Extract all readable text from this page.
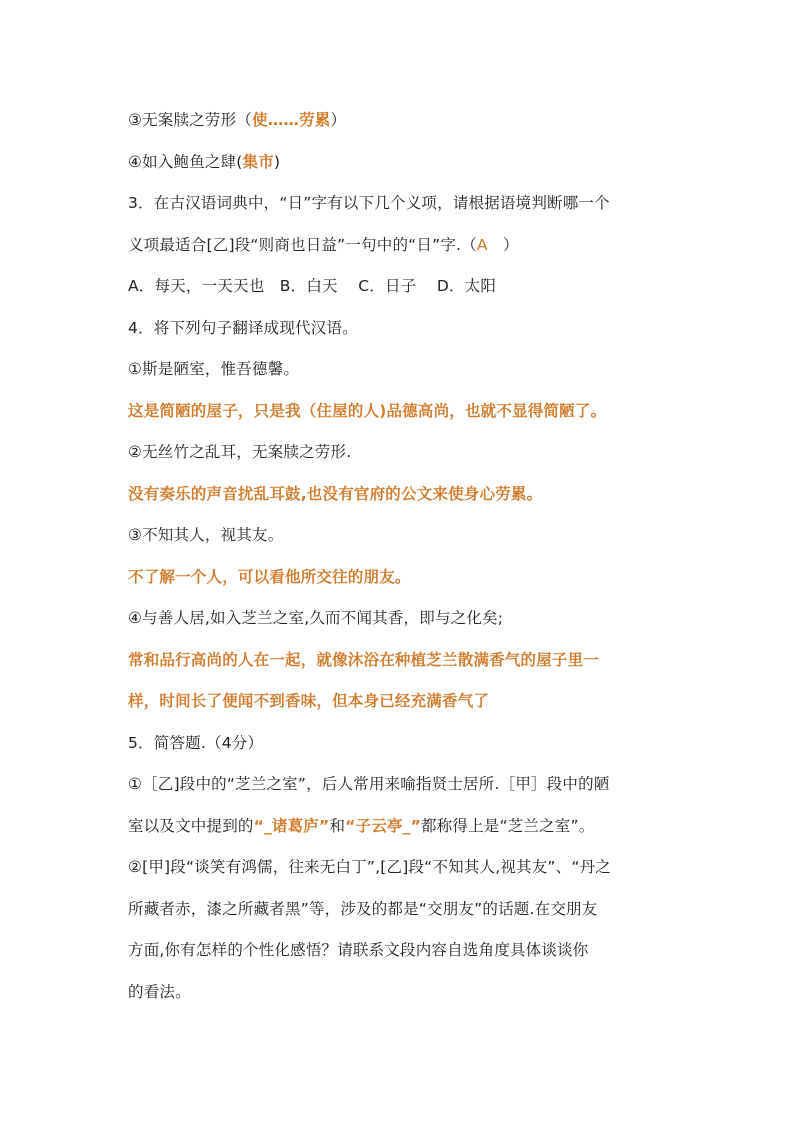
③无案牍之劳形（使……劳累）
④如入鲍鱼之肆(集市)
3．在古汉语词典中，“日”字有以下几个义项，请根据语境判断哪一个
义项最适合[乙]段“则商也日益”一句中的“日”字.（A   ）
A．每天，一天天也   B．白天    C．日子    D．太阳
4．将下列句子翻译成现代汉语。
①斯是陋室，惟吾德馨。
这是简陋的屋子，只是我（住屋的人)品德高尚，也就不显得简陋了。
②无丝竹之乱耳，无案牍之劳形.
没有奏乐的声音扰乱耳鼓,也没有官府的公文来使身心劳累。
③不知其人，视其友。
不了解一个人，可以看他所交往的朋友。
④与善人居,如入芝兰之室,久而不闻其香，即与之化矣;
常和品行高尚的人在一起，就像沐浴在种植芝兰散满香气的屋子里一
样，时间长了便闻不到香味，但本身已经充满香气了
5．简答题.（4分）
①［乙]段中的“芝兰之室”，后人常用来喻指贤士居所.［甲］段中的陋
室以及文中提到的“_诸葛庐”和“子云亭_”都称得上是“芝兰之室”。
②[甲]段“谈笑有鸿儒，往来无白丁”,[乙]段“不知其人,视其友”、“丹之
所藏者赤，漆之所藏者黑”等，涉及的都是“交朋友”的话题.在交朋友
方面,你有怎样的个性化感悟？请联系文段内容自选角度具体谈谈你
的看法。
